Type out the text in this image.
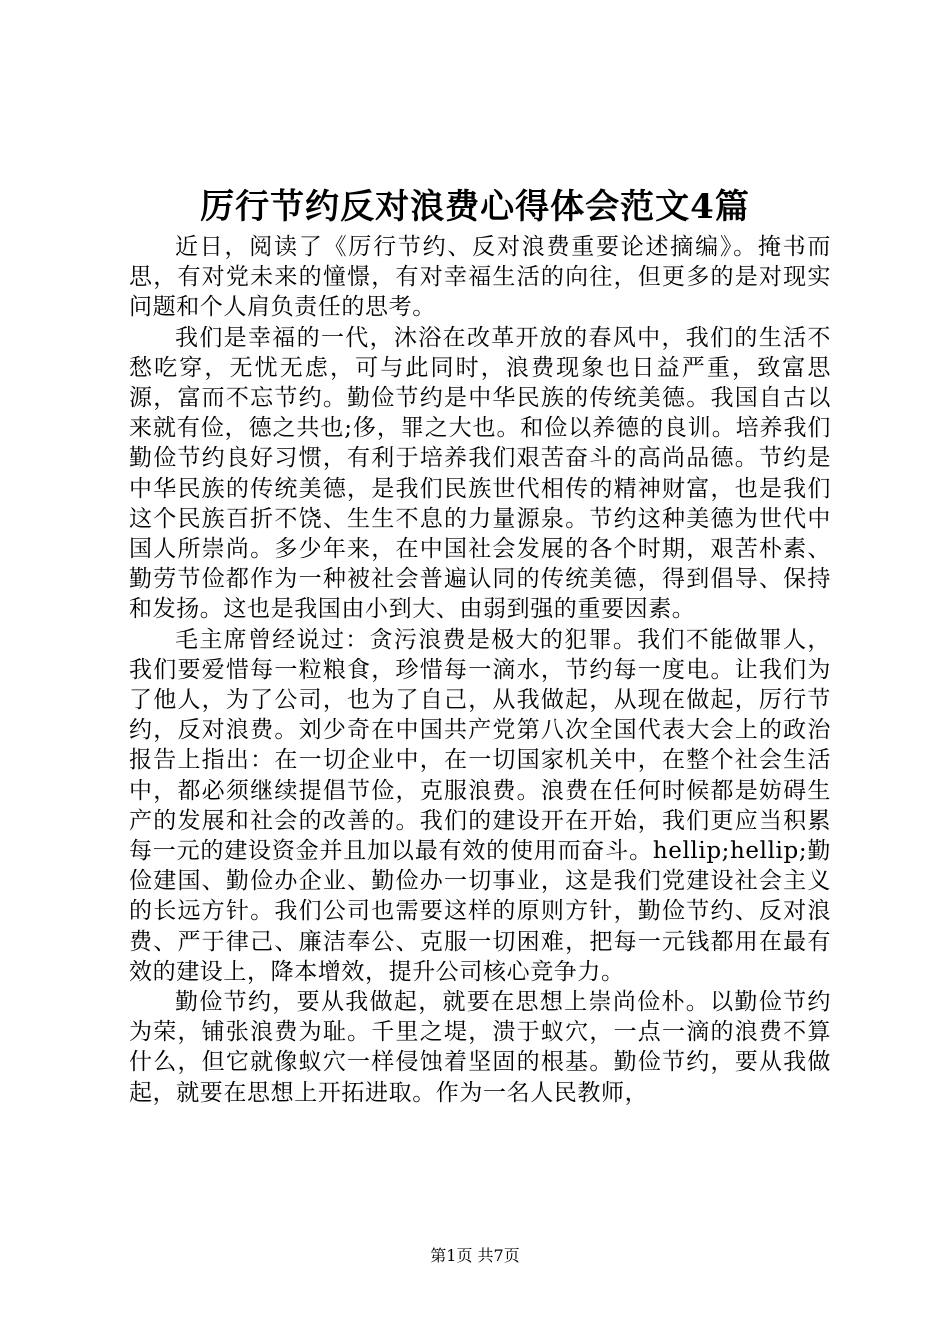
厉行节约反对浪费心得体会范文4篇

近日，阅读了《厉行节约、反对浪费重要论述摘编》。掩书而思，有对党未来的憧憬，有对幸福生活的向往，但更多的是对现实问题和个人肩负责任的思考。

我们是幸福的一代，沐浴在改革开放的春风中，我们的生活不愁吃穿，无忧无虑，可与此同时，浪费现象也日益严重，致富思源，富而不忘节约。勤俭节约是中华民族的传统美德。我国自古以来就有俭，德之共也;侈，罪之大也。和俭以养德的良训。培养我们勤俭节约良好习惯，有利于培养我们艰苦奋斗的高尚品德。节约是中华民族的传统美德，是我们民族世代相传的精神财富，也是我们这个民族百折不饶、生生不息的力量源泉。节约这种美德为世代中国人所崇尚。多少年来，在中国社会发展的各个时期，艰苦朴素、勤劳节俭都作为一种被社会普遍认同的传统美德，得到倡导、保持和发扬。这也是我国由小到大、由弱到强的重要因素。

毛主席曾经说过：贪污浪费是极大的犯罪。我们不能做罪人，我们要爱惜每一粒粮食，珍惜每一滴水，节约每一度电。让我们为了他人，为了公司，也为了自己，从我做起，从现在做起，厉行节约，反对浪费。刘少奇在中国共产党第八次全国代表大会上的政治报告上指出：在一切企业中，在一切国家机关中，在整个社会生活中，都必须继续提倡节俭，克服浪费。浪费在任何时候都是妨碍生产的发展和社会的改善的。我们的建设开在开始，我们更应当积累每一元的建设资金并且加以最有效的使用而奋斗。hellip;hellip;勤俭建国、勤俭办企业、勤俭办一切事业，这是我们党建设社会主义的长远方针。我们公司也需要这样的原则方针，勤俭节约、反对浪费、严于律己、廉洁奉公、克服一切困难，把每一元钱都用在最有效的建设上，降本增效，提升公司核心竞争力。

勤俭节约，要从我做起，就要在思想上崇尚俭朴。以勤俭节约为荣，铺张浪费为耻。千里之堤，溃于蚁穴，一点一滴的浪费不算什么，但它就像蚁穴一样侵蚀着坚固的根基。勤俭节约，要从我做起，就要在思想上开拓进取。作为一名人民教师，

第1页 共7页
